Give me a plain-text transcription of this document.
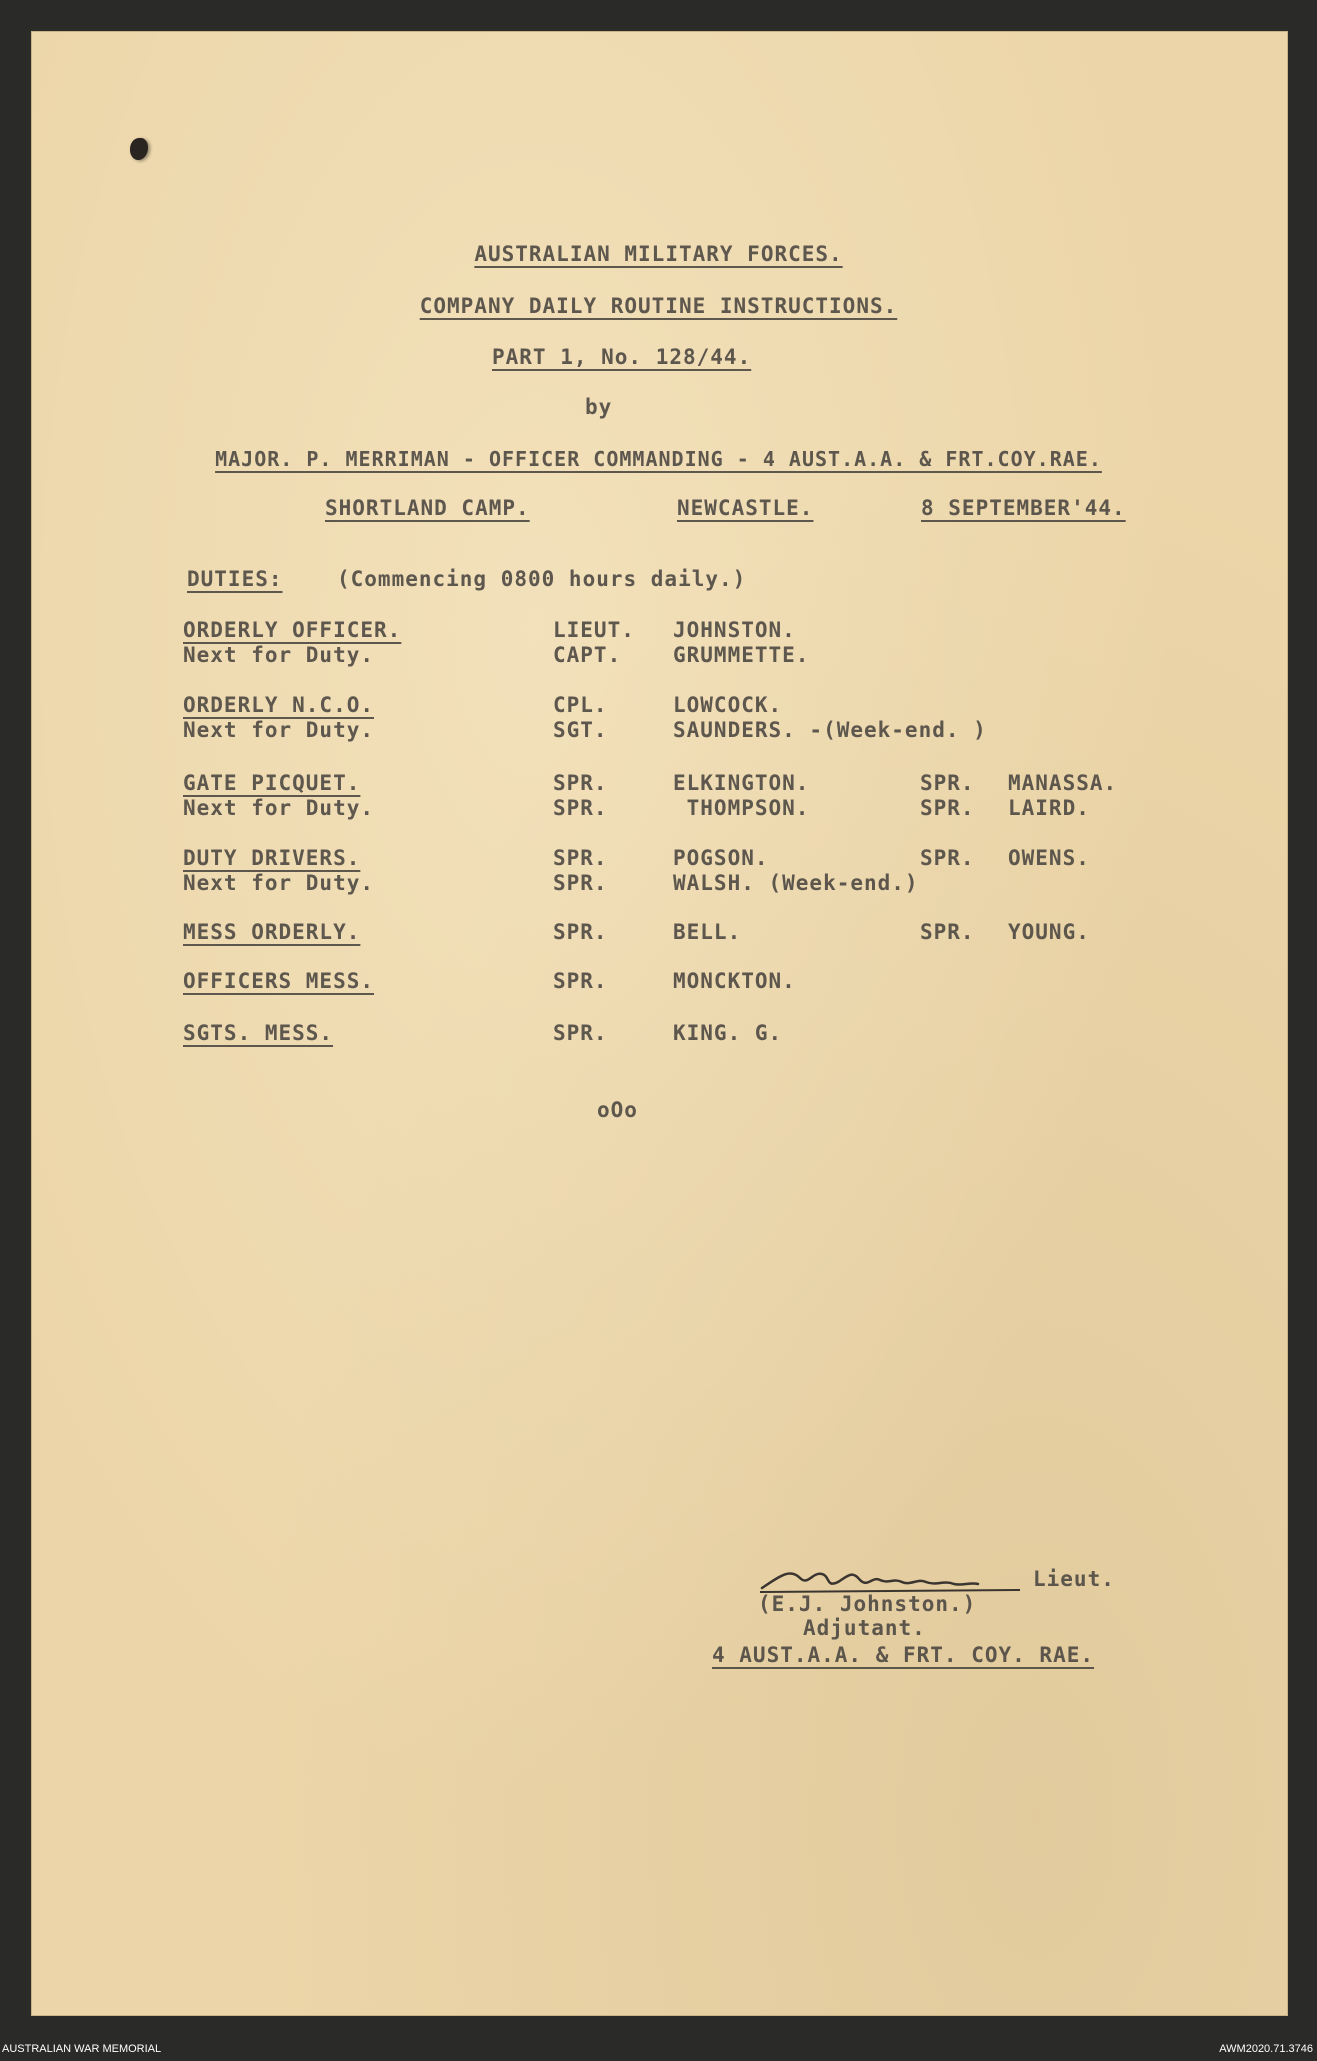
AUSTRALIAN MILITARY FORCES.
COMPANY DAILY ROUTINE INSTRUCTIONS.
PART 1, No. 128/44.
by
MAJOR. P. MERRIMAN - OFFICER COMMANDING - 4 AUST.A.A. & FRT.COY.RAE.
SHORTLAND CAMP.	NEWCASTLE.	8 SEPTEMBER'44.
DUTIES:	(Commencing 0800 hours daily.)
ORDERLY OFFICER.	LIEUT. JOHNSTON.
Next for Duty.	CAPT. GRUMMETTE.
ORDERLY N.C.O.	CPL.	LOWCOCK.
Next for Duty.	SGT.	SAUNDERS. -(Week-end. )
GATE PICQUET.	SPR.	ELKINGTON.	SPR. MANASSA.
Next for Duty.	SPR.	THOMPSON.	SPR. LAIRD.
DUTY DRIVERS.	SPR.	POGSON.	SPR. OWENS.
Next for Duty.	SPR.	WALSH. (Week-end.)
MESS ORDERLY.	SPR.	BELL.	SPR. YOUNG.
OFFICERS MESS.	SPR.	MONCKTON.
SGTS. MESS.	SPR.	KING. G.
oOo
Lieut.
(E.J. Johnston.)
Adjutant.
4 AUST.A.A. & FRT. COY. RAE.
AUSTRALIAN WAR MEMORIAL	AWM2020.71.3746
